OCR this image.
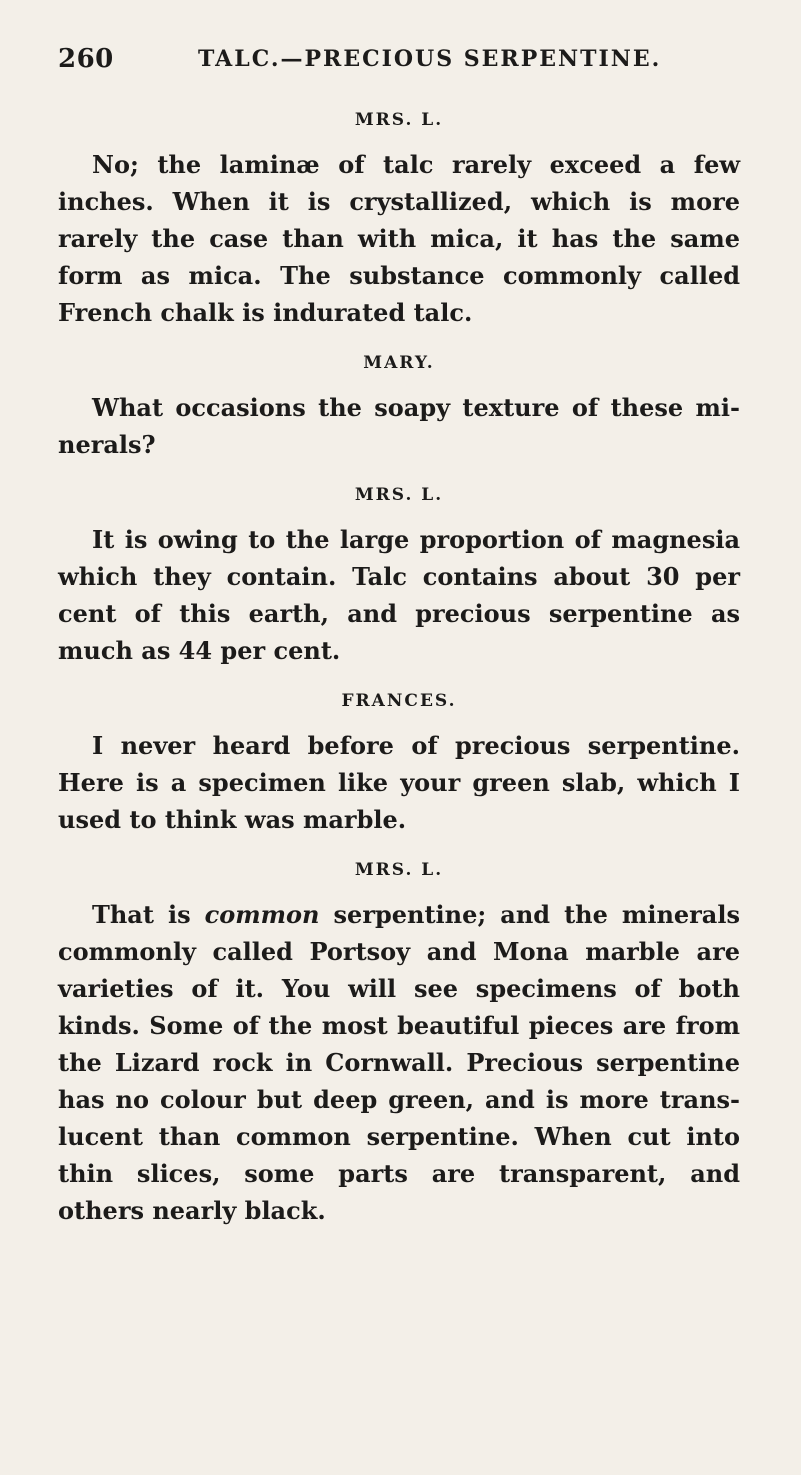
260	TALC.—PRECIOUS SERPENTINE.
MRS. L.

No; the laminæ of talc rarely exceed a few inches. When it is crystallized, which is more rarely the case than with mica, it has the same form as mica. The substance commonly called French chalk is indurated talc.

MARY.

What occasions the soapy texture of these minerals?

MRS. L.

It is owing to the large proportion of magnesia which they contain. Talc contains about 30 per cent of this earth, and precious serpentine as much as 44 per cent.

FRANCES.

I never heard before of precious serpentine. Here is a specimen like your green slab, which I used to think was marble.

MRS. L.

That is common serpentine; and the minerals commonly called Portsoy and Mona marble are varieties of it. You will see specimens of both kinds. Some of the most beautiful pieces are from the Lizard rock in Cornwall. Precious serpentine has no colour but deep green, and is more translucent than common serpentine. When cut into thin slices, some parts are transparent, and others nearly black.
